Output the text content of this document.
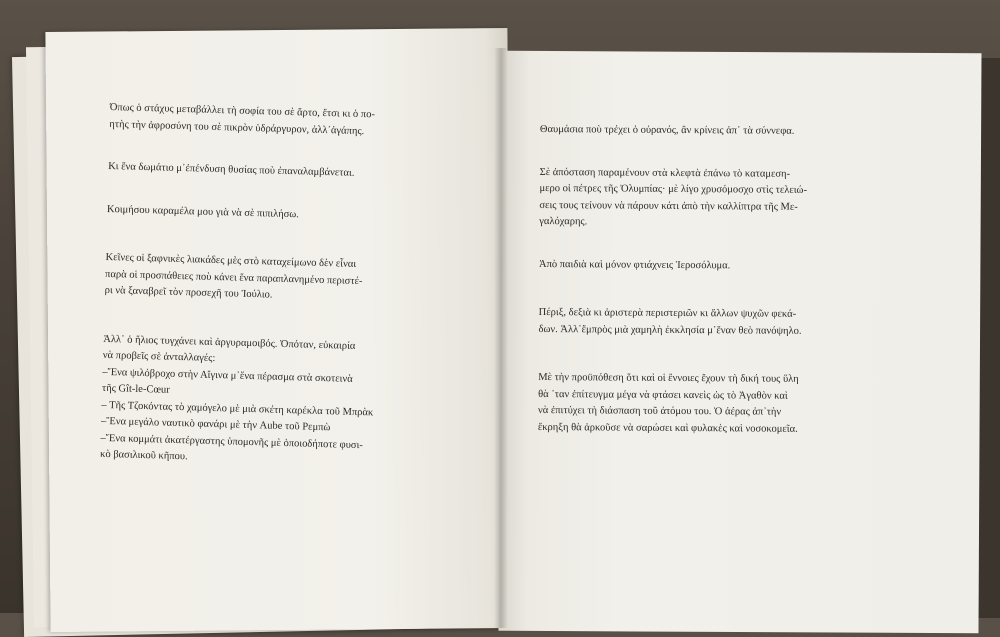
Όπως ὁ στάχυς μεταβάλλει τὴ σοφία του σὲ ἄρτο, ἔτσι κι ὁ πο-
ητὴς τὴν ἀφροσύνη του σὲ πικρὸν ὑδράργυρον, ἀλλ᾽ἀγάπης.
Κι ἕνα δωμάτιο μ᾽ἐπένδυση θυσίας ποὺ ἐπαναλαμβάνεται.
Κοιμήσου καραμέλα μου γιὰ νὰ σὲ πιπιλήσω.
Κεῖνες οἱ ξαφνικὲς λιακάδες μὲς στὸ καταχείμωνο δὲν εἶναι
παρὰ οἱ προσπάθειες ποὺ κάνει ἕνα παραπλανημένο περιστέ-
ρι νὰ ξαναβρεῖ τὸν προσεχῆ του Ἰούλιο.
Ἀλλ᾽ ὁ ἥλιος τυγχάνει καὶ ἀργυραμοιβός. Ὁπόταν, εὐκαιρία
νὰ προβεῖς σὲ ἀνταλλαγές:
–Ἕνα ψιλόβροχο στὴν Αἴγινα μ᾽ἕνα πέρασμα στὰ σκοτεινὰ
τῆς Gît-le-Cœur
– Τῆς Τζοκόντας τὸ χαμόγελο μὲ μιὰ σκέτη καρέκλα τοῦ Μπρὰκ
–Ἕνα μεγάλο ναυτικὸ φανάρι μὲ τὴν Aube τοῦ Ρεμπὼ
–Ἕνα κομμάτι ἀκατέργαστης ὑπομονῆς μὲ ὁποιοδήποτε φυσι-
κὸ βασιλικοῦ κῆπου.
Θαυμάσια ποὺ τρέχει ὁ οὐρανός, ἂν κρίνεις ἀπ᾽ τὰ σύννεφα.
Σὲ ἀπόσταση παραμένουν στὰ κλεφτὰ ἐπάνω τὸ καταμεση-
μερο οἱ πέτρες τῆς Ὀλυμπίας· μὲ λίγο χρυσόμοσχο στὶς τελειώ-
σεις τους τείνουν νὰ πάρουν κάτι ἀπὸ τὴν καλλίπτρα τῆς Με-
γαλόχαρης.
Ἀπὸ παιδιὰ καὶ μόνον φτιάχνεις Ἱεροσόλυμα.
Πέριξ, δεξιὰ κι ἀριστερὰ περιστεριῶν κι ἄλλων ψυχῶν φεκά-
δων. Ἀλλ᾽ἔμπρὸς μιὰ χαμηλὴ ἐκκλησία μ᾽ἕναν θεὸ πανόψηλο.
Μὲ τὴν προϋπόθεση ὅτι καὶ οἱ ἔννοιες ἔχουν τὴ δική τους ὕλη
θὰ ᾽ταν ἐπίτευγμα μέγα νὰ φτάσει κανεὶς ὡς τὸ Ἀγαθὸν καὶ
νὰ ἐπιτύχει τὴ διάσπαση τοῦ ἀτόμου του. Ὁ ἀέρας ἀπ᾽τὴν
ἔκρηξη θὰ ἀρκοῦσε νὰ σαρώσει καὶ φυλακὲς καὶ νοσοκομεῖα.
